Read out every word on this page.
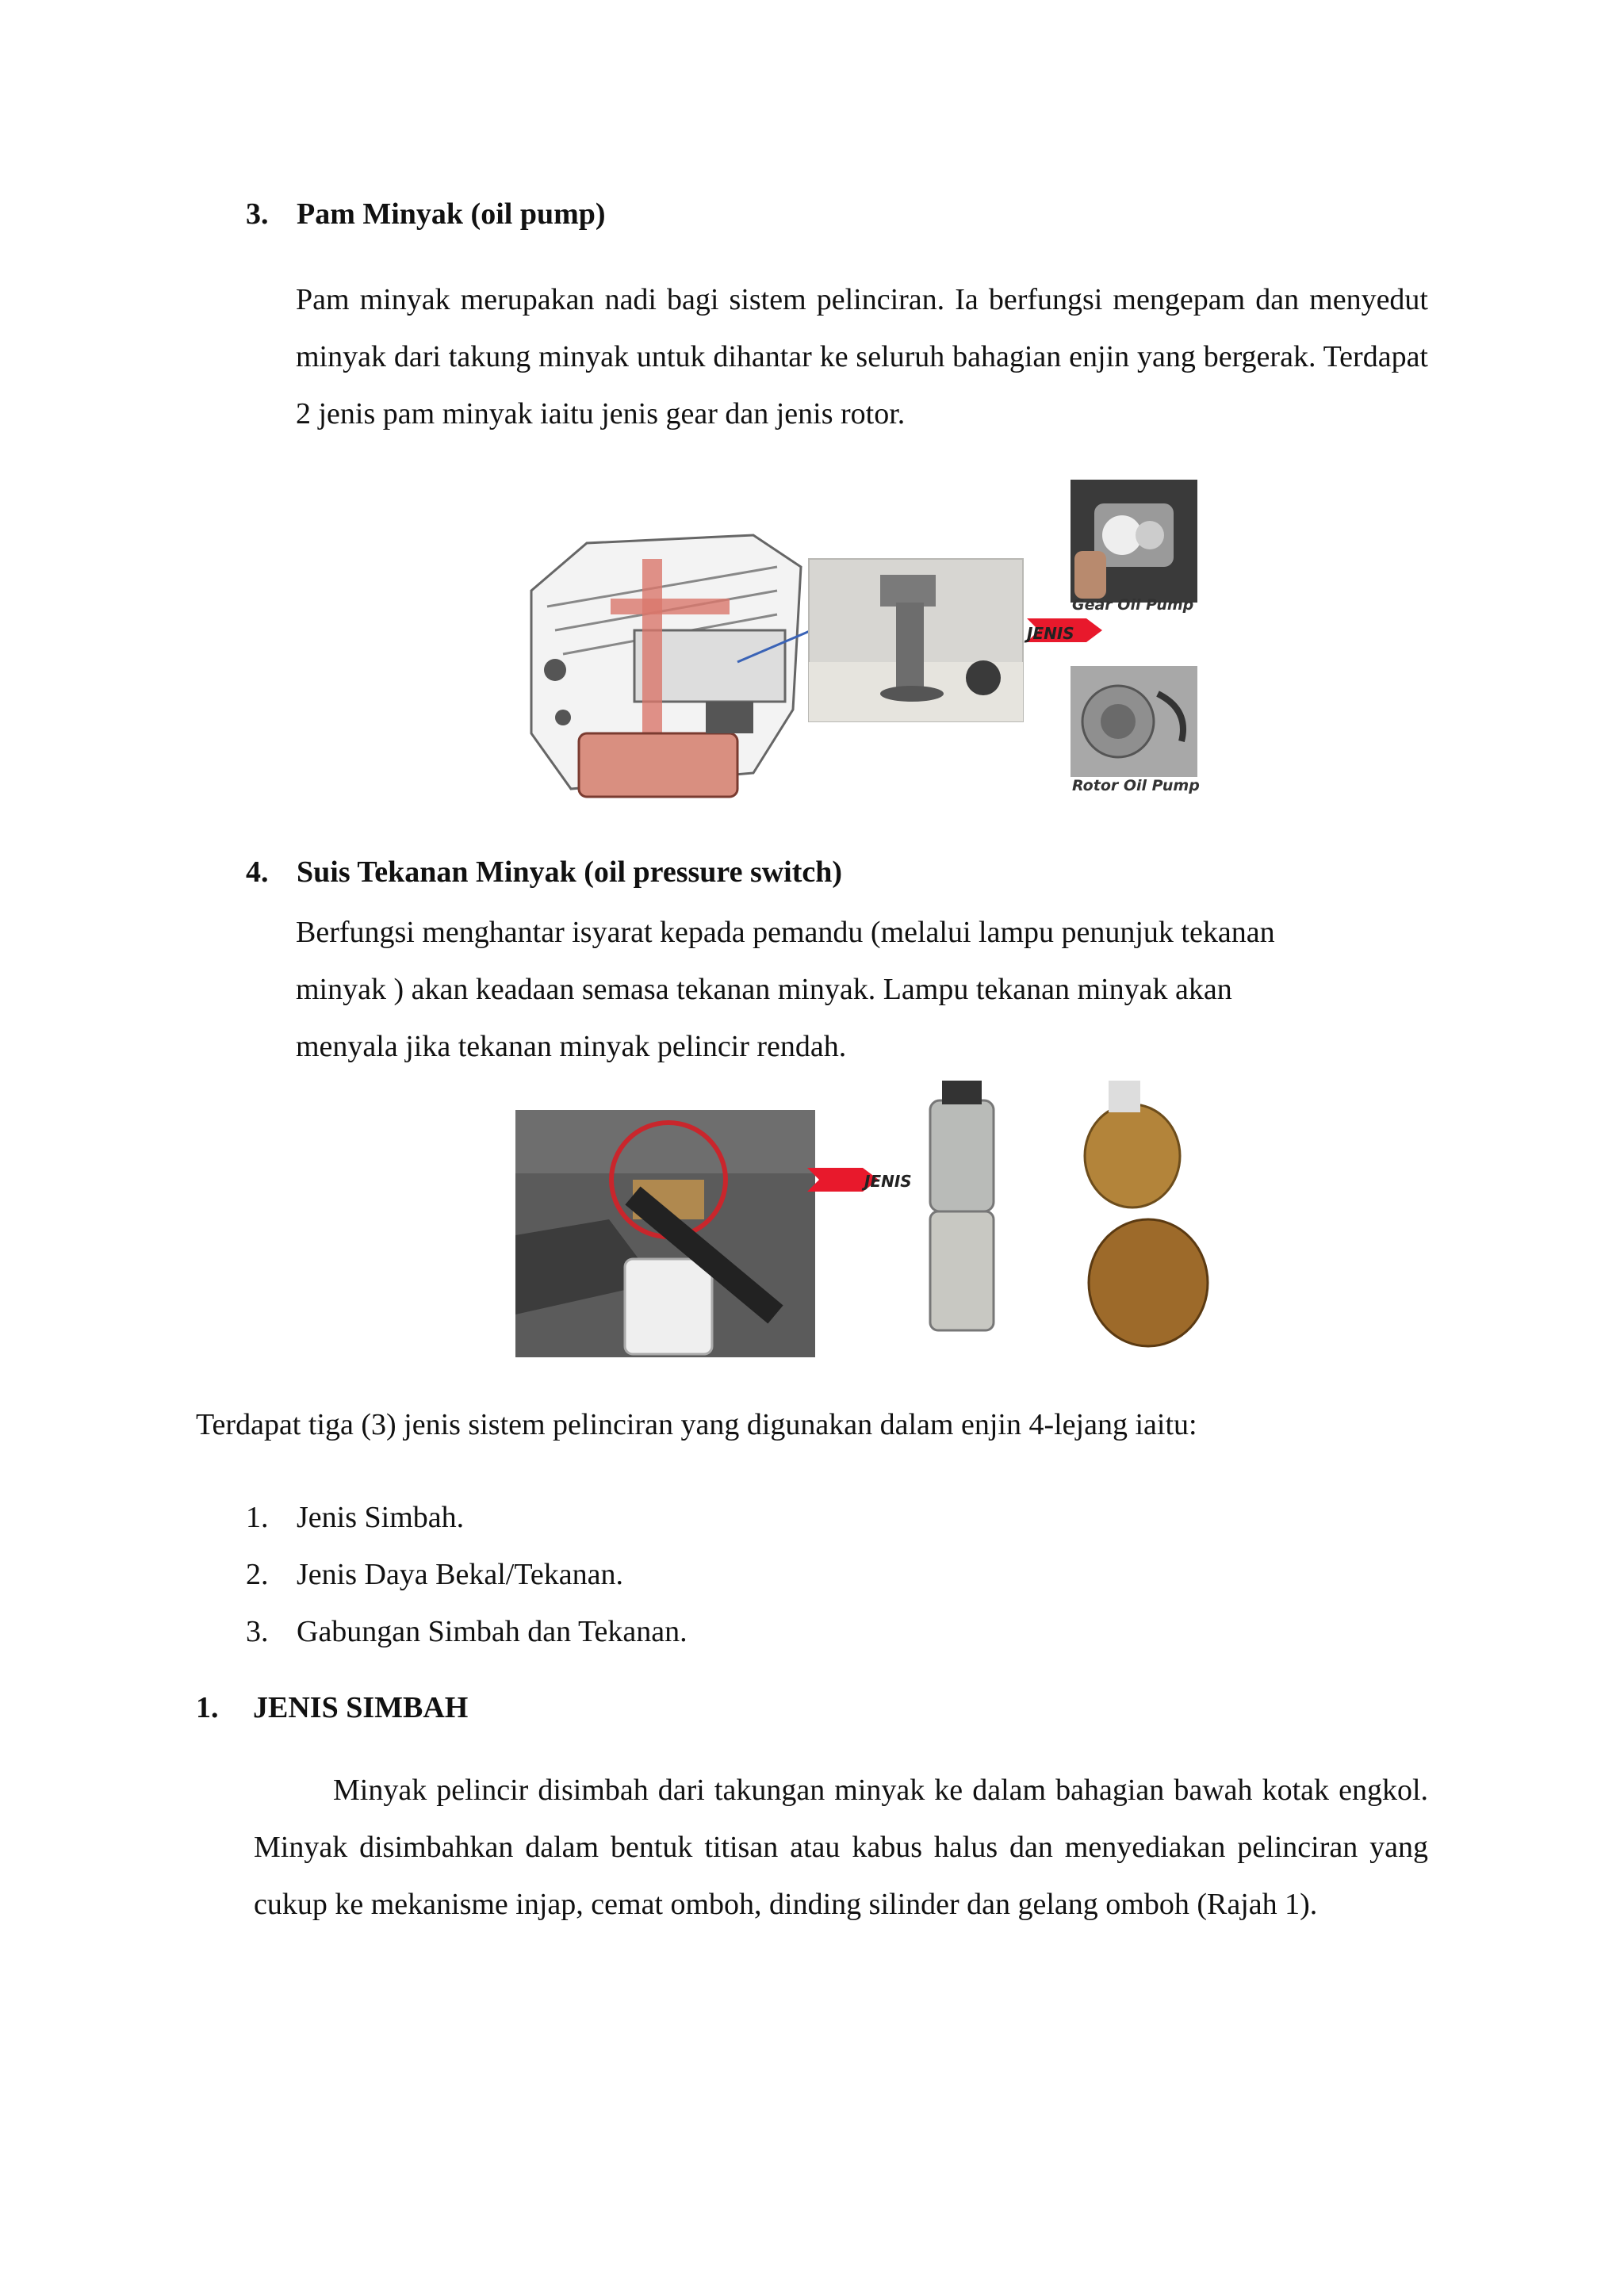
3. Pam Minyak (oil pump)
Pam minyak merupakan nadi bagi sistem pelinciran. Ia berfungsi mengepam dan menyedut minyak dari takung minyak untuk dihantar ke seluruh bahagian enjin yang bergerak. Terdapat 2 jenis pam minyak iaitu jenis gear dan jenis rotor.
JENIS
Gear Oil Pump
Rotor Oil Pump
4. Suis Tekanan Minyak (oil pressure switch)
Berfungsi menghantar isyarat kepada pemandu (melalui lampu penunjuk tekanan
minyak ) akan keadaan semasa tekanan minyak. Lampu tekanan minyak akan
menyala jika tekanan minyak pelincir rendah.
JENIS
Terdapat tiga (3) jenis sistem pelinciran yang digunakan dalam enjin 4-lejang iaitu:
1. Jenis Simbah.
2. Jenis Daya Bekal/Tekanan.
3. Gabungan Simbah dan Tekanan.
1. JENIS SIMBAH
Minyak pelincir disimbah dari takungan minyak ke dalam bahagian bawah kotak engkol. Minyak disimbahkan dalam bentuk titisan atau kabus halus dan menyediakan pelinciran yang cukup ke mekanisme injap, cemat omboh, dinding silinder dan gelang omboh (Rajah 1).
